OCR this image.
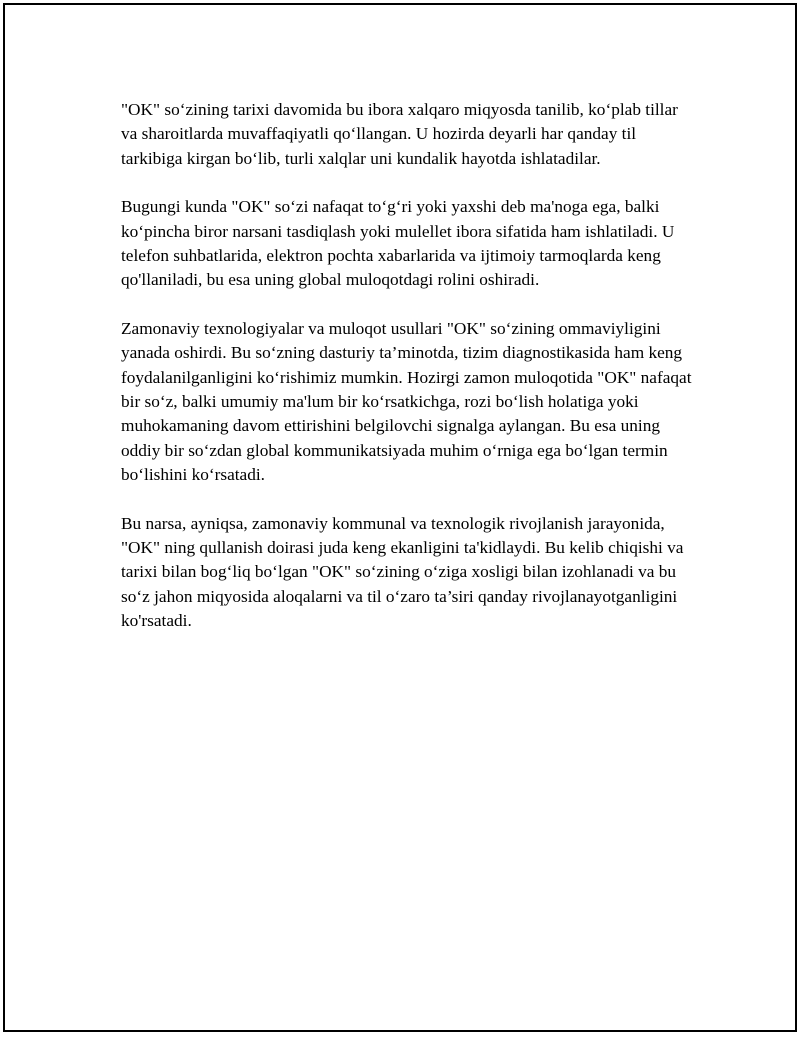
"OK" so‘zining tarixi davomida bu ibora xalqaro miqyosda tanilib, ko‘plab tillar va sharoitlarda muvaffaqiyatli qo‘llangan. U hozirda deyarli har qanday til tarkibiga kirgan bo‘lib, turli xalqlar uni kundalik hayotda ishlatadilar.

Bugungi kunda "OK" so‘zi nafaqat to‘g‘ri yoki yaxshi deb ma'noga ega, balki ko‘pincha biror narsani tasdiqlash yoki mulellet ibora sifatida ham ishlatiladi. U telefon suhbatlarida, elektron pochta xabarlarida va ijtimoiy tarmoqlarda keng qo'llaniladi, bu esa uning global muloqotdagi rolini oshiradi.

Zamonaviy texnologiyalar va muloqot usullari "OK" so‘zining ommaviyligini yanada oshirdi. Bu so‘zning dasturiy ta’minotda, tizim diagnostikasida ham keng foydalanilganligini ko‘rishimiz mumkin. Hozirgi zamon muloqotida "OK" nafaqat bir so‘z, balki umumiy ma'lum bir ko‘rsatkichga, rozi bo‘lish holatiga yoki muhokamaning davom ettirishini belgilovchi signalga aylangan. Bu esa uning oddiy bir so‘zdan global kommunikatsiyada muhim o‘rniga ega bo‘lgan termin bo‘lishini ko‘rsatadi.

Bu narsa, ayniqsa, zamonaviy kommunal va texnologik rivojlanish jarayonida, "OK" ning qullanish doirasi juda keng ekanligini ta'kidlaydi. Bu kelib chiqishi va tarixi bilan bog‘liq bo‘lgan "OK" so‘zining o‘ziga xosligi bilan izohlanadi va bu so‘z jahon miqyosida aloqalarni va til o‘zaro ta’siri qanday rivojlanayotganligini ko'rsatadi.
